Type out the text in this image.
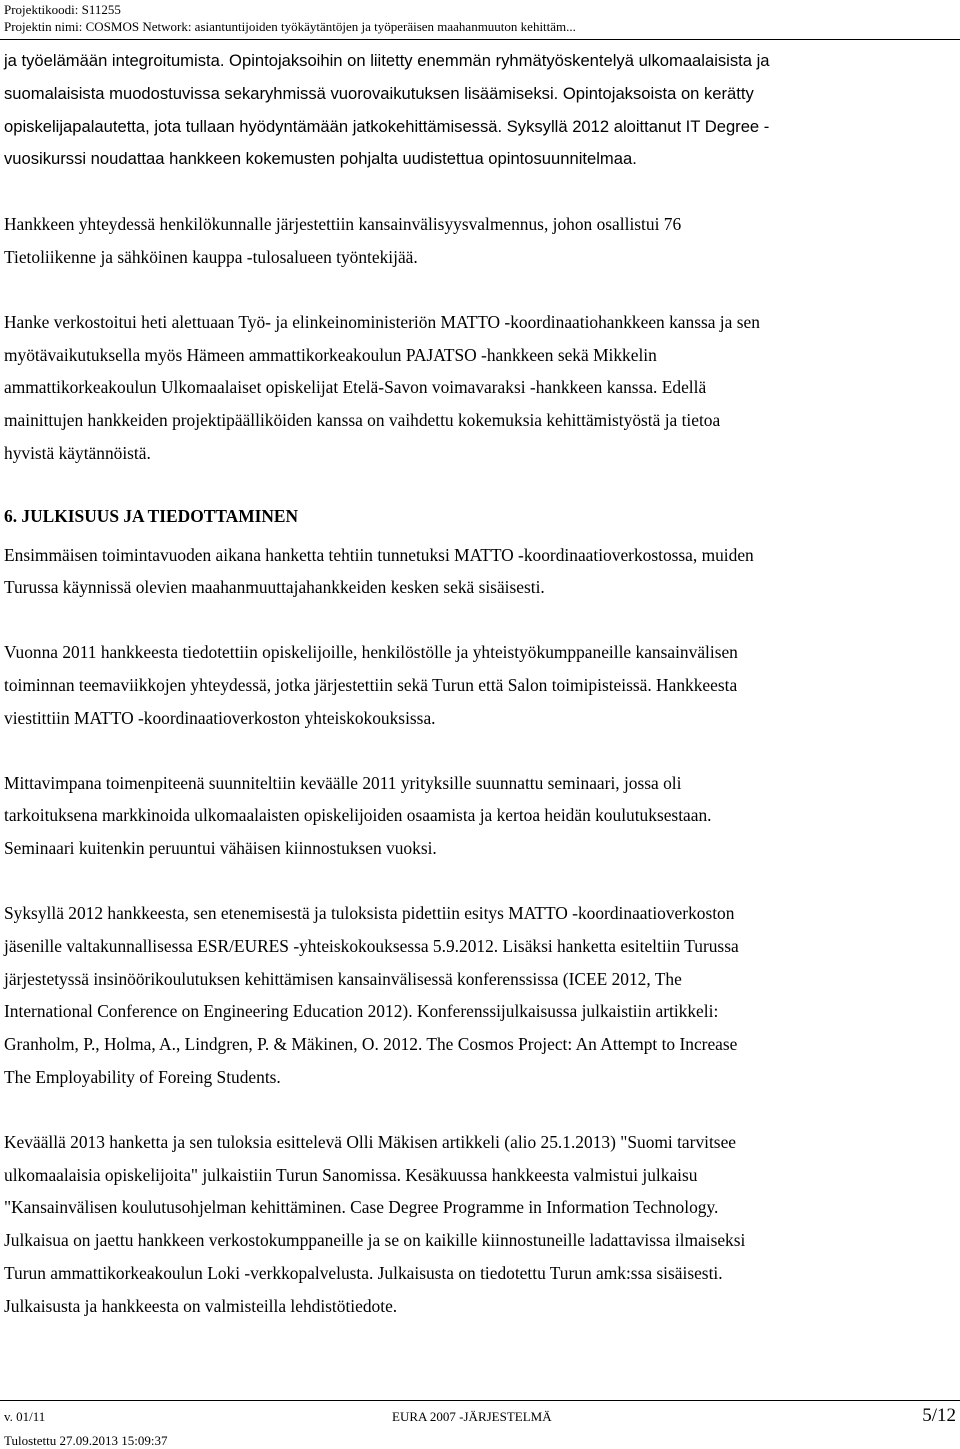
Projektikoodi: S11255
Projektin nimi: COSMOS Network: asiantuntijoiden työkäytäntöjen ja työperäisen maahanmuuton kehittäm...
ja työelämään integroitumista. Opintojaksoihin on liitetty enemmän ryhmätyöskentelyä ulkomaalaisista ja
suomalaisista muodostuvissa sekaryhmissä vuorovaikutuksen lisäämiseksi. Opintojaksoista on kerätty
opiskelijapalautetta, jota tullaan hyödyntämään jatkokehittämisessä. Syksyllä 2012 aloittanut IT Degree -
vuosikurssi noudattaa hankkeen kokemusten pohjalta uudistettua opintosuunnitelmaa.
Hankkeen yhteydessä henkilökunnalle järjestettiin kansainvälisyysvalmennus, johon osallistui 76
Tietoliikenne ja sähköinen kauppa -tulosalueen työntekijää.
Hanke verkostoitui heti alettuaan Työ- ja elinkeinoministeriön MATTO -koordinaatiohankkeen kanssa ja sen
myötävaikutuksella myös Hämeen ammattikorkeakoulun PAJATSO -hankkeen sekä Mikkelin
ammattikorkeakoulun Ulkomaalaiset opiskelijat Etelä-Savon voimavaraksi -hankkeen kanssa. Edellä
mainittujen hankkeiden projektipäälliköiden kanssa on vaihdettu kokemuksia kehittämistyöstä ja tietoa
hyvistä käytännöistä.
6. JULKISUUS JA TIEDOTTAMINEN
Ensimmäisen toimintavuoden aikana hanketta tehtiin tunnetuksi MATTO -koordinaatioverkostossa, muiden
Turussa käynnissä olevien maahanmuuttajahankkeiden kesken sekä sisäisesti.
Vuonna 2011 hankkeesta tiedotettiin opiskelijoille, henkilöstölle ja yhteistyökumppaneille kansainvälisen
toiminnan teemaviikkojen yhteydessä, jotka järjestettiin sekä Turun että Salon toimipisteissä. Hankkeesta
viestittiin MATTO -koordinaatioverkoston yhteiskokouksissa.
Mittavimpana toimenpiteenä suunniteltiin keväälle 2011 yrityksille suunnattu seminaari, jossa oli
tarkoituksena markkinoida ulkomaalaisten opiskelijoiden osaamista ja kertoa heidän koulutuksestaan.
Seminaari kuitenkin peruuntui vähäisen kiinnostuksen vuoksi.
Syksyllä 2012 hankkeesta, sen etenemisestä ja tuloksista pidettiin esitys MATTO -koordinaatioverkoston
jäsenille valtakunnallisessa ESR/EURES -yhteiskokouksessa 5.9.2012. Lisäksi hanketta esiteltiin Turussa
järjestetyssä insinöörikoulutuksen kehittämisen kansainvälisessä konferenssissa (ICEE 2012, The
International Conference on Engineering Education 2012). Konferenssijulkaisussa julkaistiin artikkeli:
Granholm, P., Holma, A., Lindgren, P. & Mäkinen, O. 2012. The Cosmos Project: An Attempt to Increase
The Employability of Foreing Students.
Keväällä 2013 hanketta ja sen tuloksia esittelevä Olli Mäkisen artikkeli (alio 25.1.2013) "Suomi tarvitsee
ulkomaalaisia opiskelijoita" julkaistiin Turun Sanomissa. Kesäkuussa hankkeesta valmistui julkaisu
"Kansainvälisen koulutusohjelman kehittäminen. Case Degree Programme in Information Technology.
Julkaisua on jaettu hankkeen verkostokumppaneille ja se on kaikille kiinnostuneille ladattavissa ilmaiseksi
Turun ammattikorkeakoulun Loki -verkkopalvelusta. Julkaisusta on tiedotettu Turun amk:ssa sisäisesti.
Julkaisusta ja hankkeesta on valmisteilla lehdistötiedote.
v. 01/11	EURA 2007 -JÄRJESTELMÄ	5/12
Tulostettu 27.09.2013 15:09:37
